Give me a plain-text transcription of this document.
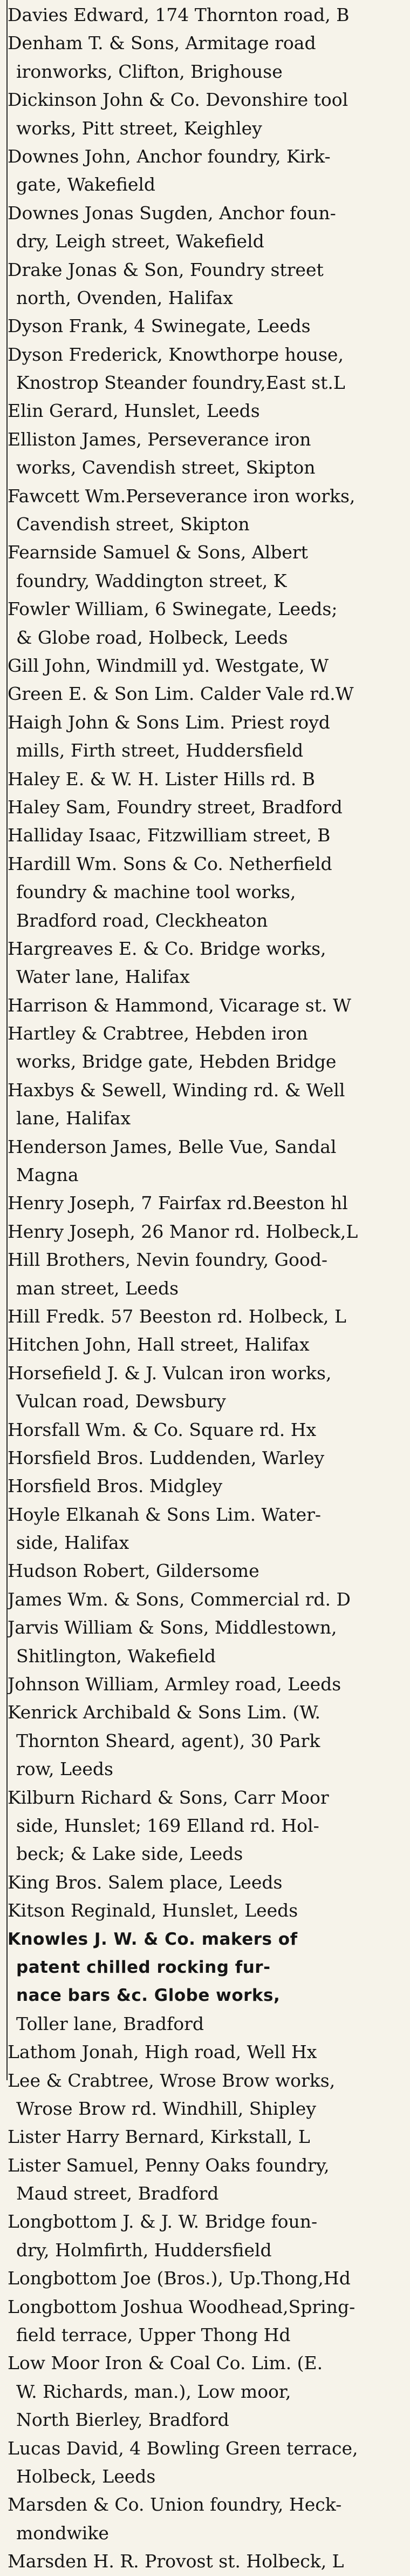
Davies Edward, 174 Thornton road, B
Denham T. & Sons, Armitage road
ironworks, Clifton, Brighouse
Dickinson John & Co. Devonshire tool
works, Pitt street, Keighley
Downes John, Anchor foundry, Kirk-
gate, Wakefield
Downes Jonas Sugden, Anchor foun-
dry, Leigh street, Wakefield
Drake Jonas & Son, Foundry street
north, Ovenden, Halifax
Dyson Frank, 4 Swinegate, Leeds
Dyson Frederick, Knowthorpe house,
Knostrop Steander foundry,East st.L
Elin Gerard, Hunslet, Leeds
Elliston James, Perseverance iron
works, Cavendish street, Skipton
Fawcett Wm.Perseverance iron works,
Cavendish street, Skipton
Fearnside Samuel & Sons, Albert
foundry, Waddington street, K
Fowler William, 6 Swinegate, Leeds;
& Globe road, Holbeck, Leeds
Gill John, Windmill yd. Westgate, W
Green E. & Son Lim. Calder Vale rd.W
Haigh John & Sons Lim. Priest royd
mills, Firth street, Huddersfield
Haley E. & W. H. Lister Hills rd. B
Haley Sam, Foundry street, Bradford
Halliday Isaac, Fitzwilliam street, B
Hardill Wm. Sons & Co. Netherfield
foundry & machine tool works,
Bradford road, Cleckheaton
Hargreaves E. & Co. Bridge works,
Water lane, Halifax
Harrison & Hammond, Vicarage st. W
Hartley & Crabtree, Hebden iron
works, Bridge gate, Hebden Bridge
Haxbys & Sewell, Winding rd. & Well
lane, Halifax
Henderson James, Belle Vue, Sandal
Magna
Henry Joseph, 7 Fairfax rd.Beeston hl
Henry Joseph, 26 Manor rd. Holbeck,L
Hill Brothers, Nevin foundry, Good-
man street, Leeds
Hill Fredk. 57 Beeston rd. Holbeck, L
Hitchen John, Hall street, Halifax
Horsefield J. & J. Vulcan iron works,
Vulcan road, Dewsbury
Horsfall Wm. & Co. Square rd. Hx
Horsfield Bros. Luddenden, Warley
Horsfield Bros. Midgley
Hoyle Elkanah & Sons Lim. Water-
side, Halifax
Hudson Robert, Gildersome
James Wm. & Sons, Commercial rd. D
Jarvis William & Sons, Middlestown,
Shitlington, Wakefield
Johnson William, Armley road, Leeds
Kenrick Archibald & Sons Lim. (W.
Thornton Sheard, agent), 30 Park
row, Leeds
Kilburn Richard & Sons, Carr Moor
side, Hunslet; 169 Elland rd. Hol-
beck; & Lake side, Leeds
King Bros. Salem place, Leeds
Kitson Reginald, Hunslet, Leeds
Knowles J. W. & Co. makers of
patent chilled rocking fur-
nace bars &c. Globe works,
Toller lane, Bradford
Lathom Jonah, High road, Well Hx
Lee & Crabtree, Wrose Brow works,
Wrose Brow rd. Windhill, Shipley
Lister Harry Bernard, Kirkstall, L
Lister Samuel, Penny Oaks foundry,
Maud street, Bradford
Longbottom J. & J. W. Bridge foun-
dry, Holmfirth, Huddersfield
Longbottom Joe (Bros.), Up.Thong,Hd
Longbottom Joshua Woodhead,Spring-
field terrace, Upper Thong Hd
Low Moor Iron & Coal Co. Lim. (E.
W. Richards, man.), Low moor,
North Bierley, Bradford
Lucas David, 4 Bowling Green terrace,
Holbeck, Leeds
Marsden & Co. Union foundry, Heck-
mondwike
Marsden H. R. Provost st. Holbeck, L
